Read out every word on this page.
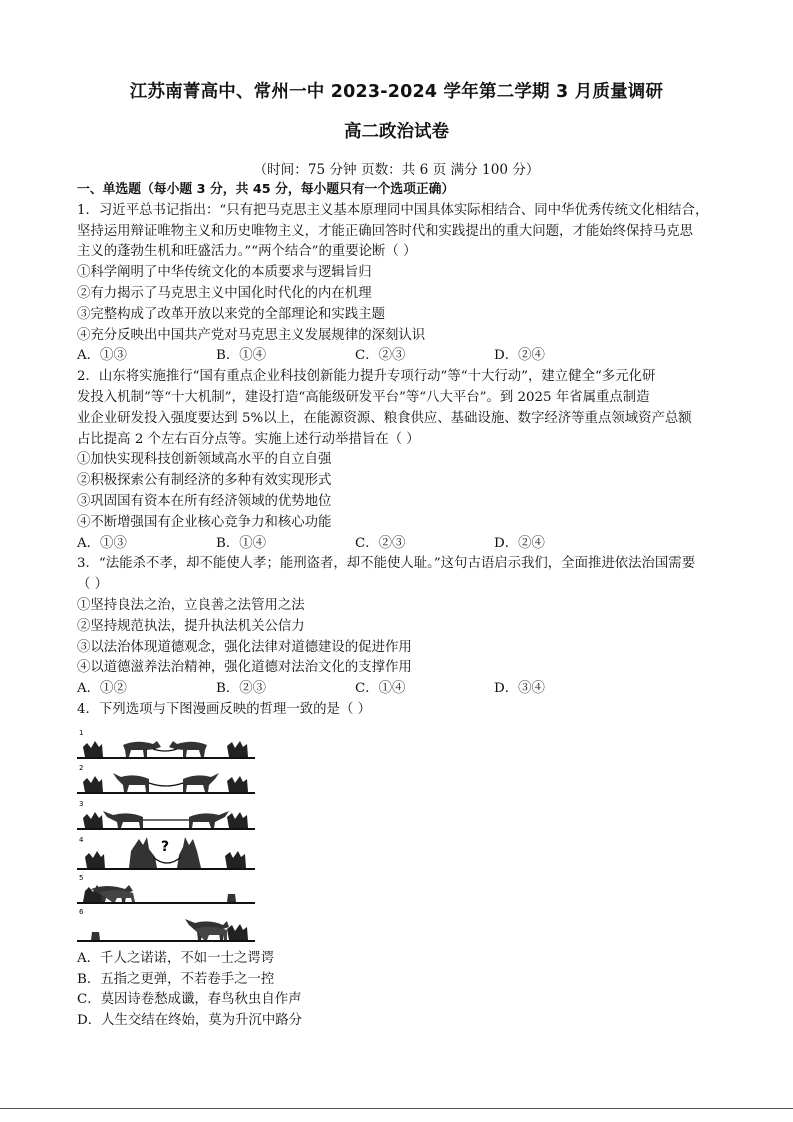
江苏南菁高中、常州一中 2023-2024 学年第二学期 3 月质量调研
高二政治试卷
（时间：75 分钟 页数：共 6 页 满分 100 分）
一、单选题（每小题 3 分，共 45 分，每小题只有一个选项正确）
1．习近平总书记指出：“只有把马克思主义基本原理同中国具体实际相结合、同中华优秀传统文化相结合，
坚持运用辩证唯物主义和历史唯物主义，才能正确回答时代和实践提出的重大问题，才能始终保持马克思
主义的蓬勃生机和旺盛活力。”“两个结合”的重要论断（ ）
①科学阐明了中华传统文化的本质要求与逻辑旨归
②有力揭示了马克思主义中国化时代化的内在机理
③完整构成了改革开放以来党的全部理论和实践主题
④充分反映出中国共产党对马克思主义发展规律的深刻认识
A．①③	B．①④	C．②③	D．②④
2．山东将实施推行“国有重点企业科技创新能力提升专项行动”等“十大行动”，建立健全“多元化研
发投入机制”等“十大机制”，建设打造“高能级研发平台”等“八大平台”。到 2025 年省属重点制造
业企业研发投入强度要达到 5%以上，在能源资源、粮食供应、基础设施、数字经济等重点领域资产总额
占比提高 2 个左右百分点等。实施上述行动举措旨在（ ）
①加快实现科技创新领域高水平的自立自强
②积极探索公有制经济的多种有效实现形式
③巩固国有资本在所有经济领域的优势地位
④不断增强国有企业核心竞争力和核心功能
A．①③	B．①④	C．②③	D．②④
3．“法能杀不孝，却不能使人孝；能刑盗者，却不能使人耻。”这句古语启示我们，全面推进依法治国需要
（ ）
①坚持良法之治，立良善之法管用之法
②坚持规范执法，提升执法机关公信力
③以法治体现道德观念，强化法律对道德建设的促进作用
④以道德滋养法治精神，强化道德对法治文化的支撑作用
A．①②	B．②③	C．①④	D．③④
4．下列选项与下图漫画反映的哲理一致的是（ ）
1
2
3
4	?
5
6
A．千人之诺诺，不如一士之谔谔
B．五指之更弹，不若卷手之一控
C．莫因诗卷愁成谶，春鸟秋虫自作声
D．人生交结在终始，莫为升沉中路分
